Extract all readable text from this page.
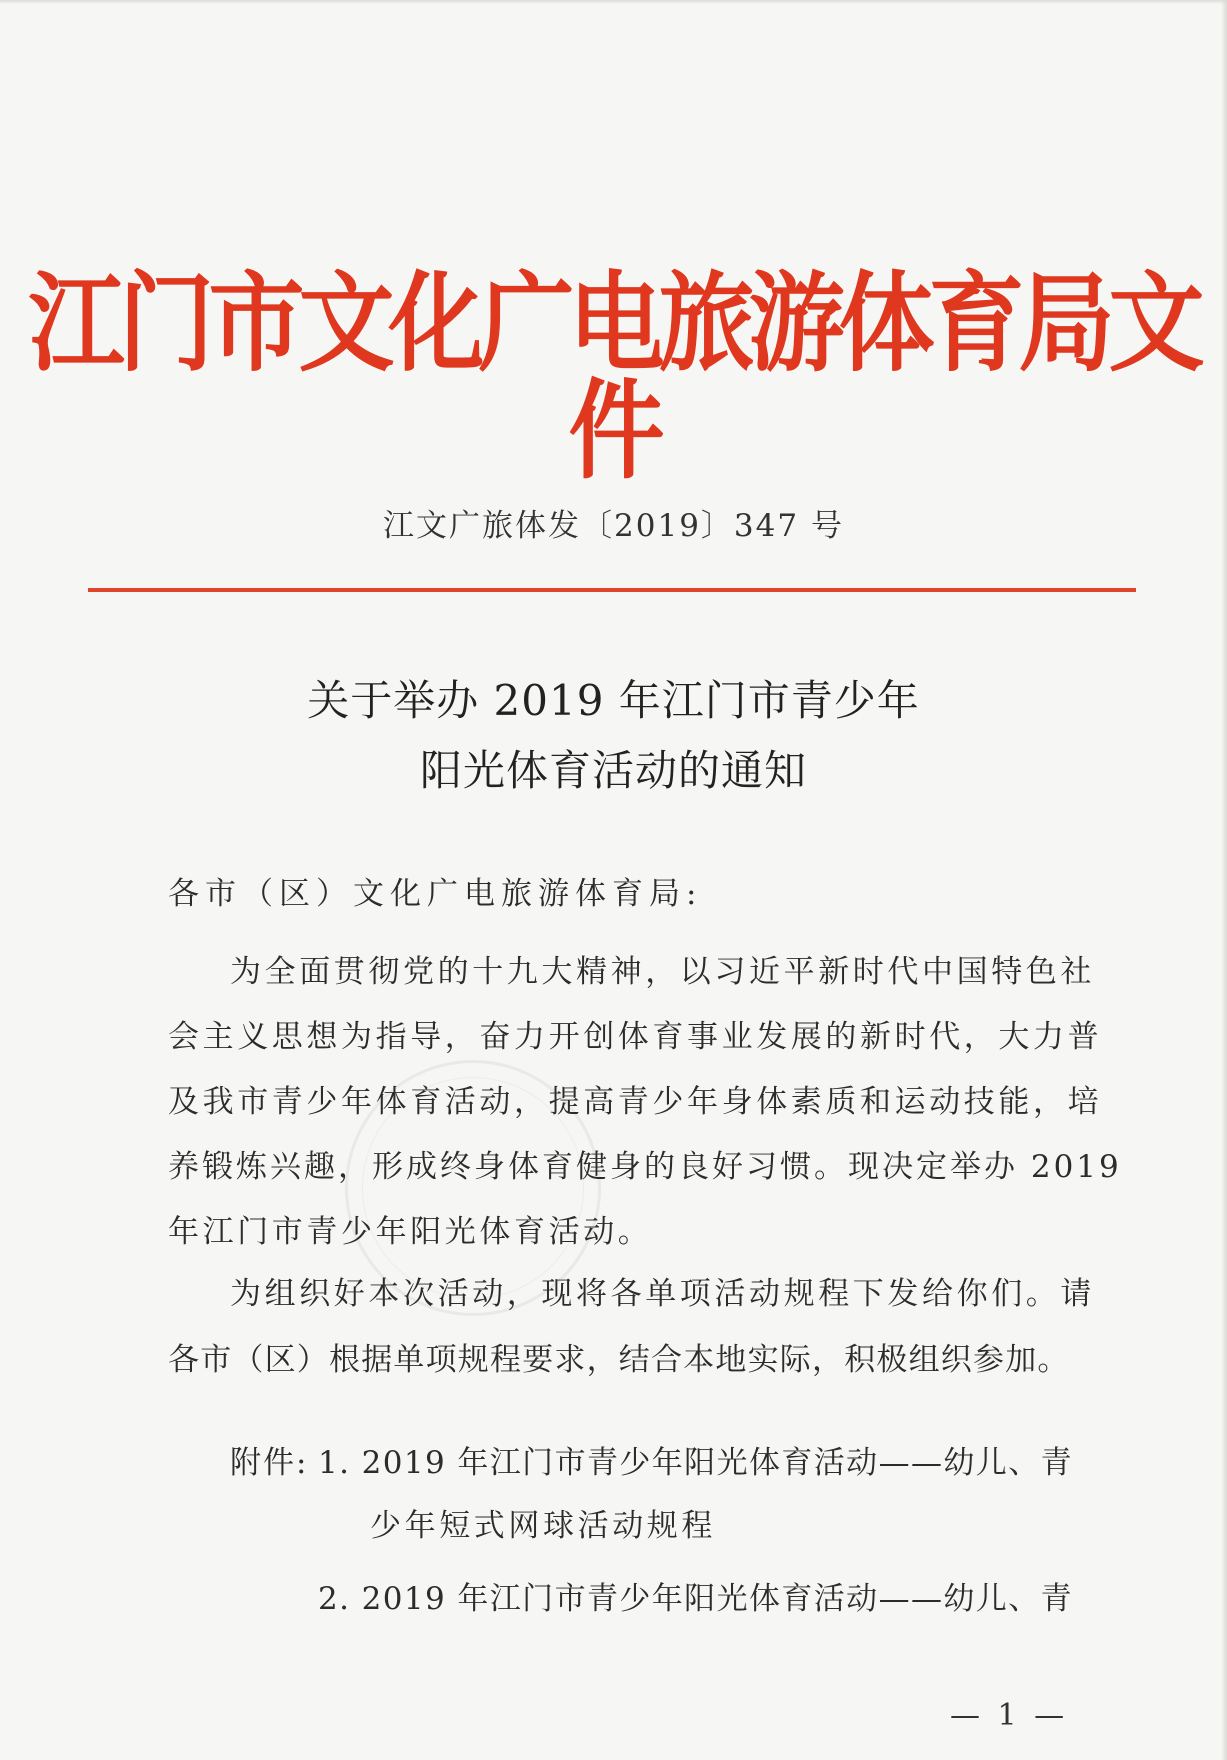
江门市文化广电旅游体育局文件
江文广旅体发〔2019〕347 号
关于举办 2019 年江门市青少年
阳光体育活动的通知
各市（区）文化广电旅游体育局:
为全面贯彻党的十九大精神，以习近平新时代中国特色社
会主义思想为指导，奋力开创体育事业发展的新时代，大力普
及我市青少年体育活动，提高青少年身体素质和运动技能，培
养锻炼兴趣，形成终身体育健身的良好习惯。现决定举办 2019
年江门市青少年阳光体育活动。
为组织好本次活动，现将各单项活动规程下发给你们。请
各市（区）根据单项规程要求，结合本地实际，积极组织参加。
附件: 1. 2019 年江门市青少年阳光体育活动——幼儿、青
少年短式网球活动规程
2. 2019 年江门市青少年阳光体育活动——幼儿、青
— 1 —
